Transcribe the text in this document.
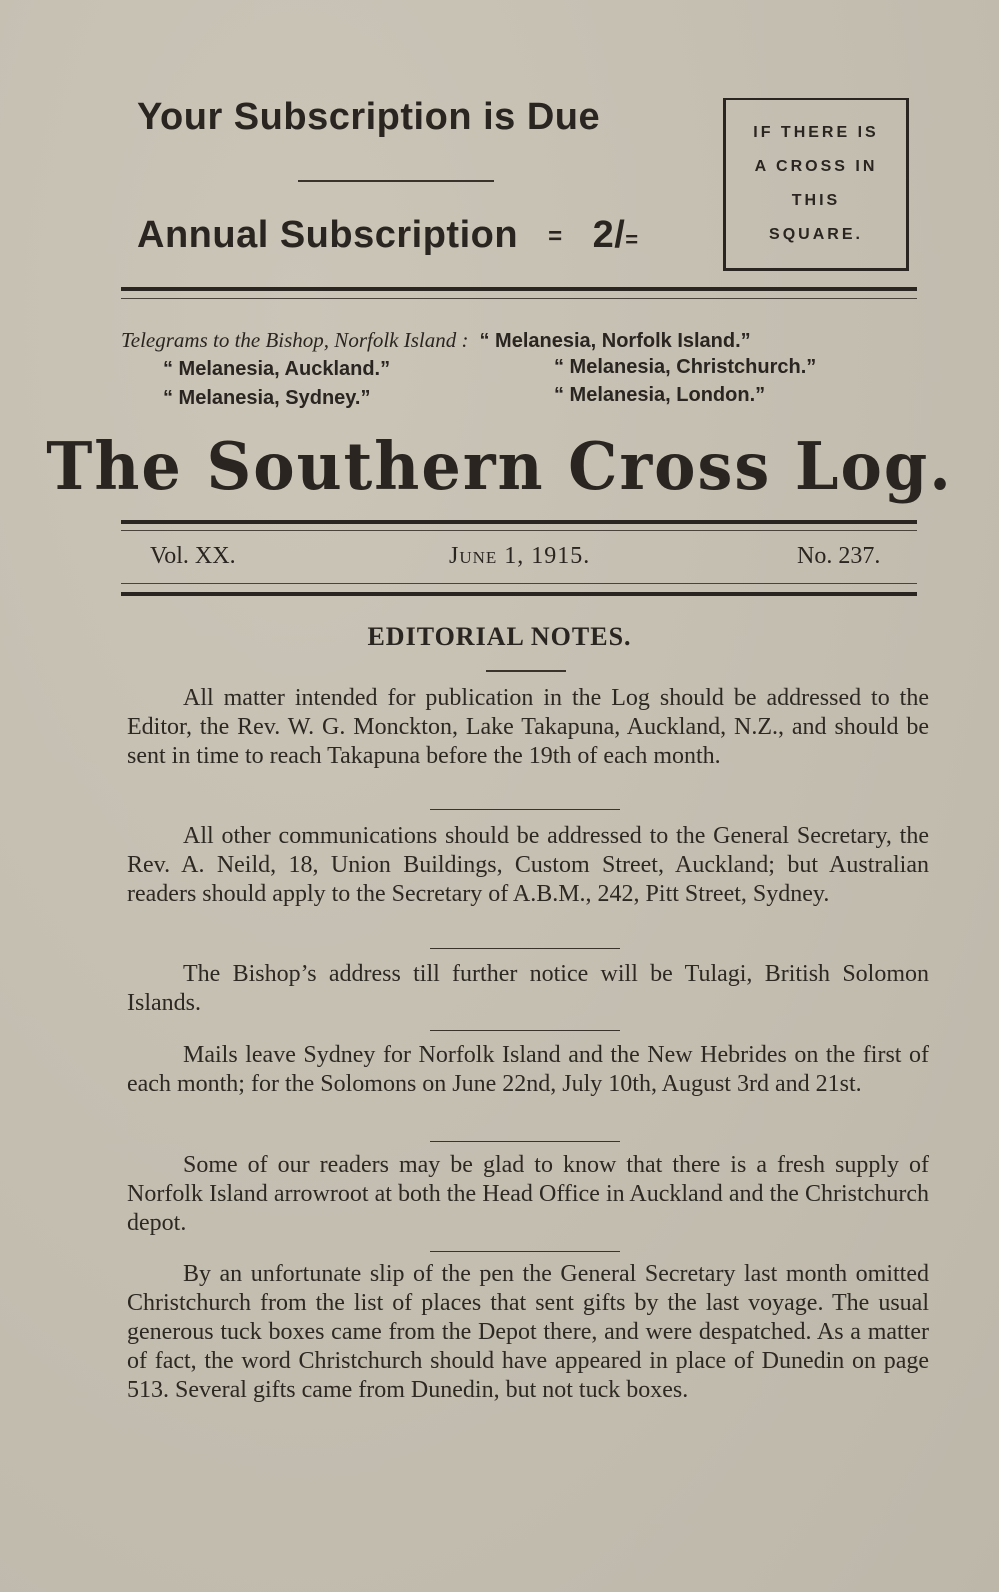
Your Subscription is Due
Annual Subscription = 2/=
IF THERE IS
A CROSS IN
THIS
SQUARE.
Telegrams to the Bishop, Norfolk Island : “ Melanesia, Norfolk Island.”
“ Melanesia, Auckland.”	“ Melanesia, Christchurch.”
“ Melanesia, Sydney.”	“ Melanesia, London.”
The Southern Cross Log.
Vol. XX.	June 1, 1915.	No. 237.
EDITORIAL NOTES.
All matter intended for publication in the Log should be addressed to the Editor, the Rev. W. G. Monckton, Lake Takapuna, Auckland, N.Z., and should be sent in time to reach Takapuna before the 19th of each month.
All other communications should be addressed to the General Secretary, the Rev. A. Neild, 18, Union Buildings, Custom Street, Auckland; but Australian readers should apply to the Secretary of A.B.M., 242, Pitt Street, Sydney.
The Bishop’s address till further notice will be Tulagi, British Solomon Islands.
Mails leave Sydney for Norfolk Island and the New Hebrides on the first of each month; for the Solomons on June 22nd, July 10th, August 3rd and 21st.
Some of our readers may be glad to know that there is a fresh supply of Norfolk Island arrowroot at both the Head Office in Auckland and the Christchurch depot.
By an unfortunate slip of the pen the General Secretary last month omitted Christchurch from the list of places that sent gifts by the last voyage. The usual generous tuck boxes came from the Depot there, and were despatched. As a matter of fact, the word Christchurch should have appeared in place of Dunedin on page 513. Several gifts came from Dunedin, but not tuck boxes.
